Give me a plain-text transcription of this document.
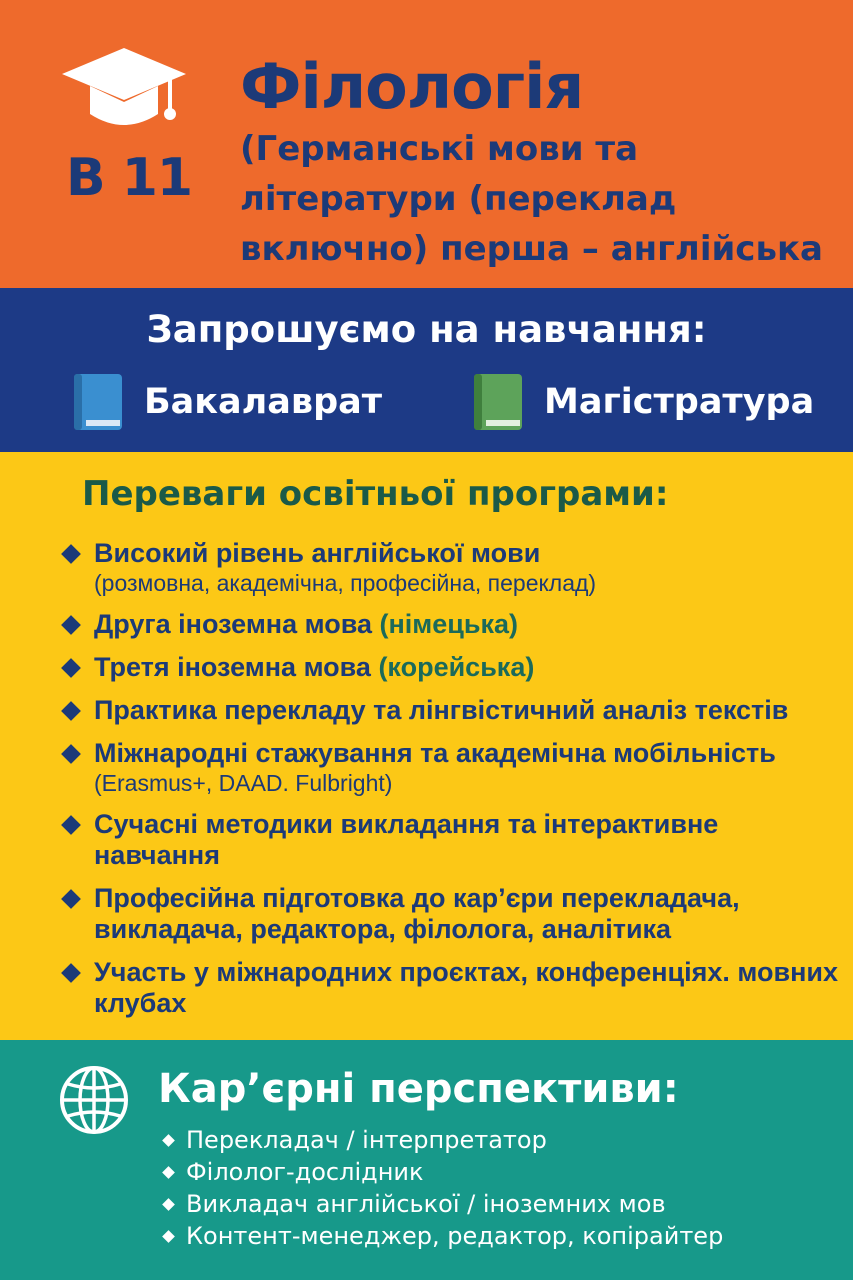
В 11
Філологія
(Германські мови та літератури (переклад включно) перша – англійська
Запрошуємо на навчання:
Бакалаврат	Магістратура
Переваги освітньої програми:
Високий рівень англійської мови
(розмовна, академічна, професійна, переклад)
Друга іноземна мова (німецька)
Третя іноземна мова (корейська)
Практика перекладу та лінгвістичний аналіз текстів
Міжнародні стажування та академічна мобільність
(Erasmus+, DAAD. Fulbright)
Сучасні методики викладання та інтерактивне навчання
Професійна підготовка до кар’єри перекладача, викладача, редактора, філолога, аналітика
Участь у міжнародних проєктах, конференціях. мовних клубах
Кар’єрні перспективи:
Перекладач / інтерпретатор
Філолог-дослідник
Викладач англійської / іноземних мов
Контент-менеджер, редактор, копірайтер
